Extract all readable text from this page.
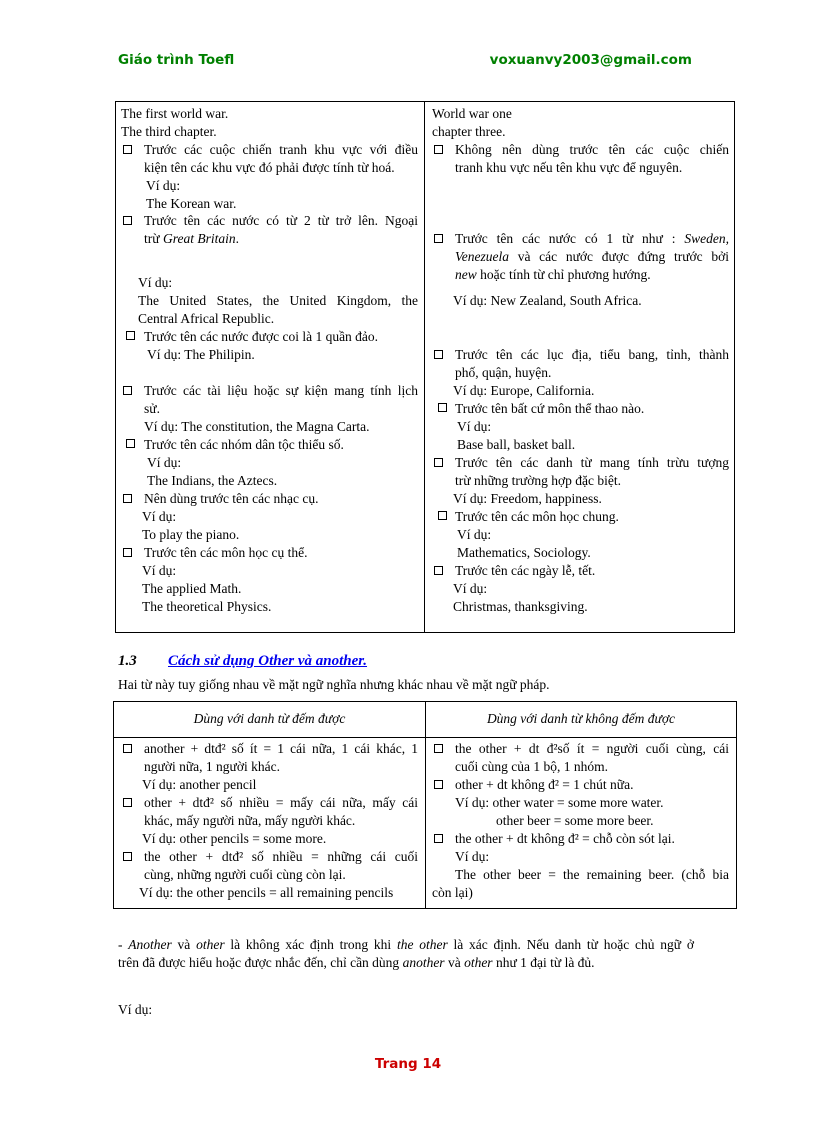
Giáo trình Toefl	voxuanvy2003@gmail.com
The first world war.
The third chapter.
Trước các cuộc chiến tranh khu vực với điều
kiện tên các khu vực đó phải được tính từ hoá.
Ví dụ:
The Korean war.
Trước tên các nước có từ 2 từ trở lên. Ngoại
trừ Great Britain.
Ví dụ:
The United States, the United Kingdom, the
Central Africal Republic.
Trước tên các nước được coi là 1 quần đảo.
Ví dụ: The Philipin.
Trước các tài liệu hoặc sự kiện mang tính lịch
sử.
Ví dụ: The constitution, the Magna Carta.
Trước tên các nhóm dân tộc thiểu số.
Ví dụ:
The Indians, the Aztecs.
Nên dùng trước tên các nhạc cụ.
Ví dụ:
To play the piano.
Trước tên các môn học cụ thể.
Ví dụ:
The applied Math.
The theoretical Physics.
World war one
chapter three.
Không nên dùng trước tên các cuộc chiến
tranh khu vực nếu tên khu vực để nguyên.
Trước tên các nước có 1 từ như : Sweden,
Venezuela và các nước được đứng trước bởi
new hoặc tính từ chỉ phương hướng.
Ví dụ: New Zealand, South Africa.
Trước tên các lục địa, tiểu bang, tỉnh, thành
phố, quận, huyện.
Ví dụ: Europe, California.
Trước tên bất cứ môn thể thao nào.
Ví dụ:
Base ball, basket ball.
Trước tên các danh từ mang tính trừu tượng
trừ những trường hợp đặc biệt.
Ví dụ: Freedom, happiness.
Trước tên các môn học chung.
Ví dụ:
Mathematics, Sociology.
Trước tên các ngày lễ, tết.
Ví dụ:
Christmas, thanksgiving.
1.3 Cách sử dụng Other và another.
Hai từ này tuy giống nhau về mặt ngữ nghĩa nhưng khác nhau về mặt ngữ pháp.
Dùng với danh từ đếm được	Dùng với danh từ không đếm được
another + dtđ² số ít = 1 cái nữa, 1 cái khác, 1
người nữa, 1 người khác.
Ví dụ: another pencil
other + dtđ² số nhiều = mấy cái nữa, mấy cái
khác, mấy người nữa, mấy người khác.
Ví dụ: other pencils = some more.
the other + dtđ² số nhiều = những cái cuối
cùng, những người cuối cùng còn lại.
Ví dụ: the other pencils = all remaining pencils
the other + dt đ²số ít = người cuối cùng, cái
cuối cùng của 1 bộ, 1 nhóm.
other + dt không đ² = 1 chút nữa.
Ví dụ: other water = some more water.
other beer = some more beer.
the other + dt không đ² = chỗ còn sót lại.
Ví dụ:
The other beer = the remaining beer. (chỗ bia
còn lại)
- Another và other là không xác định trong khi the other là xác định. Nếu danh từ hoặc chủ ngữ ở
trên đã được hiểu hoặc được nhắc đến, chỉ cần dùng another và other như 1 đại từ là đủ.
Ví dụ:
Trang 14
